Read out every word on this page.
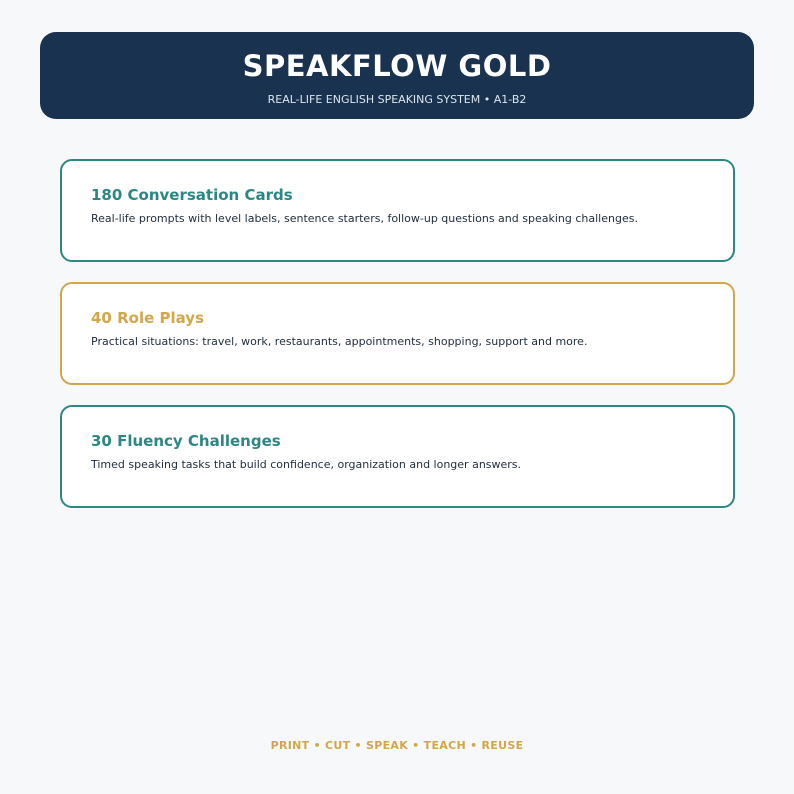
SPEAKFLOW GOLD
REAL-LIFE ENGLISH SPEAKING SYSTEM • A1-B2
180 Conversation Cards
Real-life prompts with level labels, sentence starters, follow-up questions and speaking challenges.
40 Role Plays
Practical situations: travel, work, restaurants, appointments, shopping, support and more.
30 Fluency Challenges
Timed speaking tasks that build confidence, organization and longer answers.
PRINT • CUT • SPEAK • TEACH • REUSE
